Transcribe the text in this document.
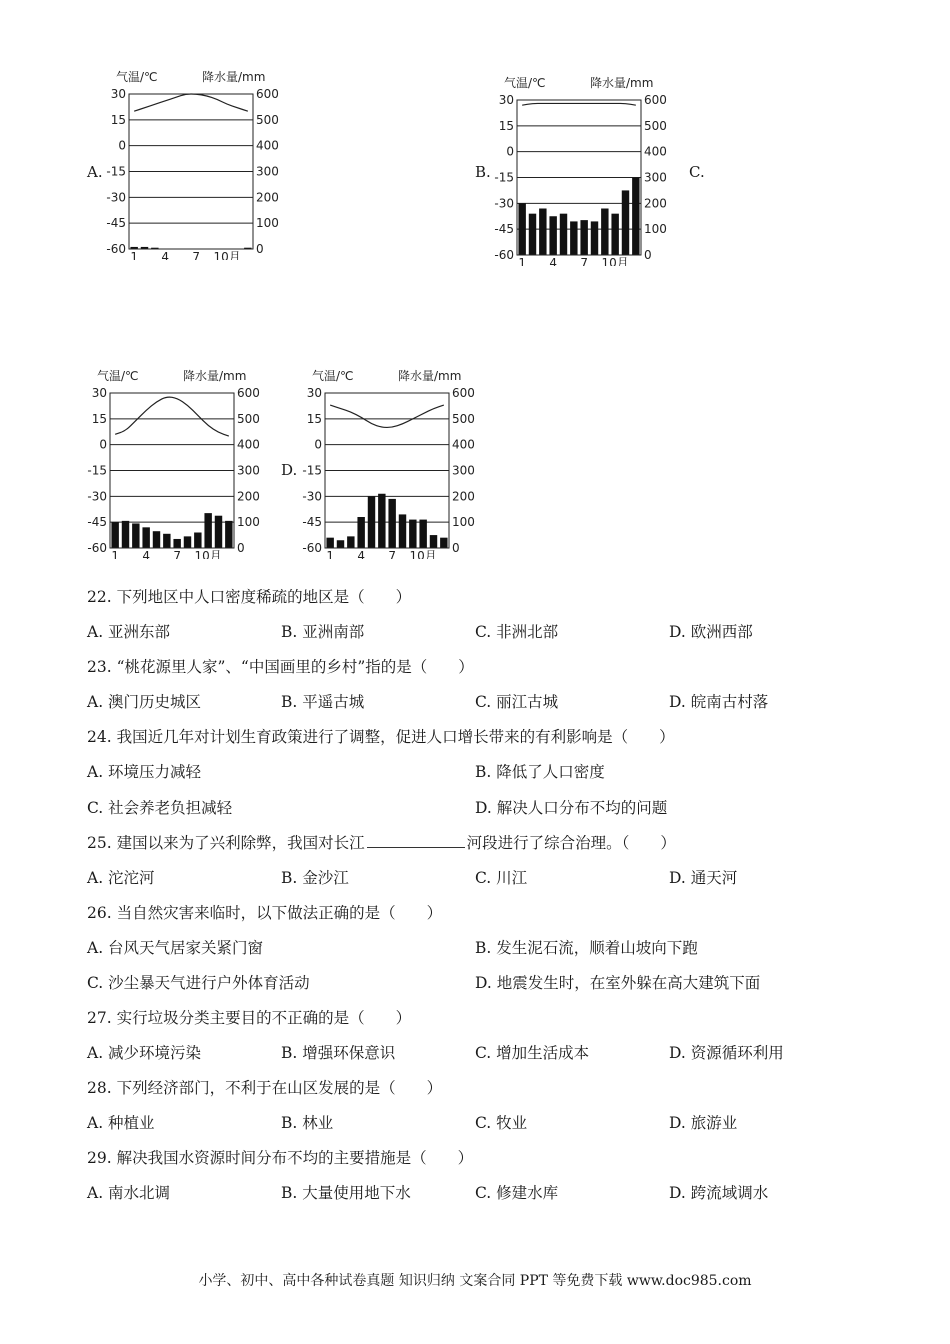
A.	B.	C.
D.
气温/℃	降水量/mm
30	600
15	500
0	400
-15	300
-30	200
-45	100
-60	0
1 4 7 10月
气温/℃	降水量/mm
30	600
15	500
0	400
-15	300
-30	200
-45	100
-60	0
1 4 7 10月
气温/℃	降水量/mm
30	600
15	500
0	400
-15	300
-30	200
-45	100
-60	0
1 4 7 10月
气温/℃	降水量/mm
30	600
15	500
0	400
-15	300
-30	200
-45	100
-60	0
1 4 7 10月
22. 下列地区中人口密度稀疏的地区是（　　）
A. 亚洲东部	B. 亚洲南部	C. 非洲北部	D. 欧洲西部
23. “桃花源里人家”、“中国画里的乡村”指的是（　　）
A. 澳门历史城区	B. 平遥古城	C. 丽江古城	D. 皖南古村落
24. 我国近几年对计划生育政策进行了调整，促进人口增长带来的有利影响是（　　）
A. 环境压力减轻	B. 降低了人口密度
C. 社会养老负担减轻	D. 解决人口分布不均的问题
25. 建国以来为了兴利除弊，我国对长江	河段进行了综合治理。（　　）
A. 沱沱河	B. 金沙江	C. 川江	D. 通天河
26. 当自然灾害来临时，以下做法正确的是（　　）
A. 台风天气居家关紧门窗	B. 发生泥石流，顺着山坡向下跑
C. 沙尘暴天气进行户外体育活动	D. 地震发生时，在室外躲在高大建筑下面
27. 实行垃圾分类主要目的不正确的是（　　）
A. 减少环境污染	B. 增强环保意识	C. 增加生活成本	D. 资源循环利用
28. 下列经济部门，不利于在山区发展的是（　　）
A. 种植业	B. 林业	C. 牧业	D. 旅游业
29. 解决我国水资源时间分布不均的主要措施是（　　）
A. 南水北调	B. 大量使用地下水	C. 修建水库	D. 跨流域调水
小学、初中、高中各种试卷真题 知识归纳 文案合同 PPT 等免费下载 www.doc985.com
